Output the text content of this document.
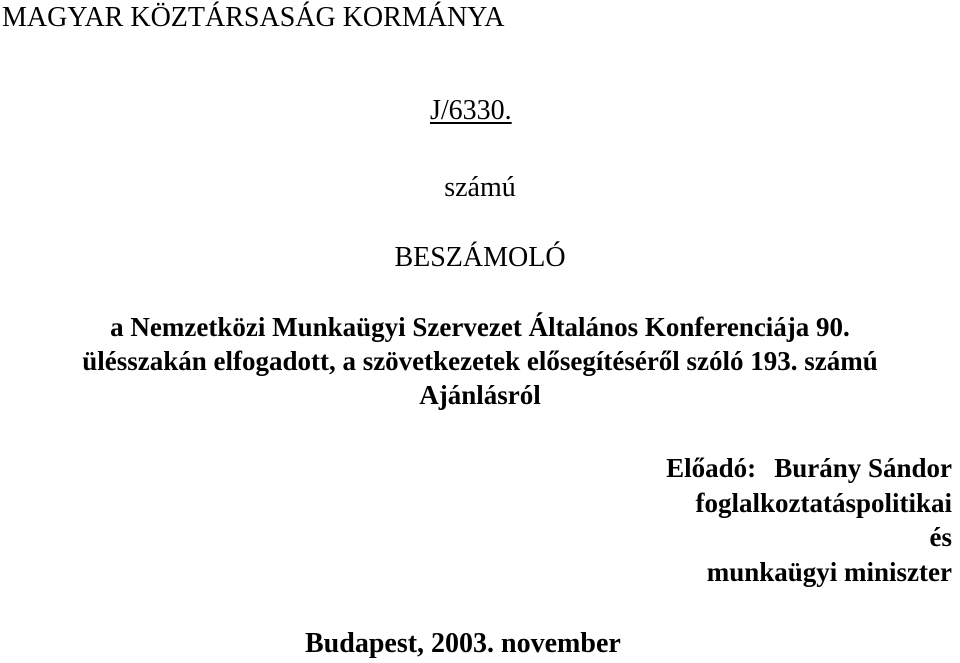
MAGYAR KÖZTÁRSASÁG KORMÁNYA
J/6330.
számú
BESZÁMOLÓ
a Nemzetközi Munkaügyi Szervezet Általános Konferenciája 90.
ülésszakán elfogadott, a szövetkezetek elősegítéséről szóló 193. számú
Ajánlásról
Előadó: Burány Sándor
foglalkoztatáspolitikai
és
munkaügyi miniszter
Budapest, 2003. november
